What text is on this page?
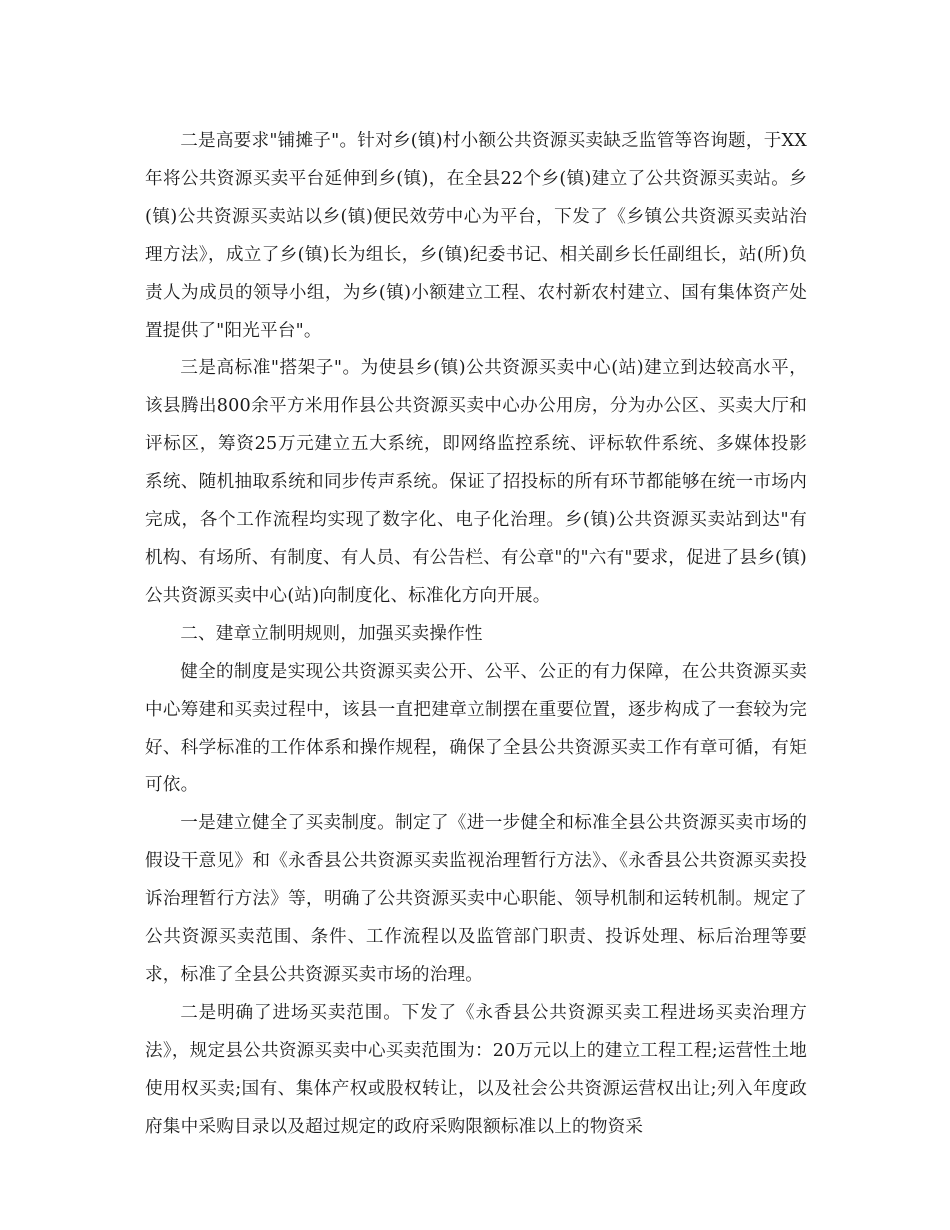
二是高要求"铺摊子"。针对乡(镇)村小额公共资源买卖缺乏监管等咨询题，于XX年将公共资源买卖平台延伸到乡(镇)，在全县22个乡(镇)建立了公共资源买卖站。乡(镇)公共资源买卖站以乡(镇)便民效劳中心为平台，下发了《乡镇公共资源买卖站治理方法》，成立了乡(镇)长为组长，乡(镇)纪委书记、相关副乡长任副组长，站(所)负责人为成员的领导小组，为乡(镇)小额建立工程、农村新农村建立、国有集体资产处置提供了"阳光平台"。

三是高标准"搭架子"。为使县乡(镇)公共资源买卖中心(站)建立到达较高水平，该县腾出800余平方米用作县公共资源买卖中心办公用房，分为办公区、买卖大厅和评标区，筹资25万元建立五大系统，即网络监控系统、评标软件系统、多媒体投影系统、随机抽取系统和同步传声系统。保证了招投标的所有环节都能够在统一市场内完成，各个工作流程均实现了数字化、电子化治理。乡(镇)公共资源买卖站到达"有机构、有场所、有制度、有人员、有公告栏、有公章"的"六有"要求，促进了县乡(镇)公共资源买卖中心(站)向制度化、标准化方向开展。

二、建章立制明规则，加强买卖操作性

健全的制度是实现公共资源买卖公开、公平、公正的有力保障，在公共资源买卖中心筹建和买卖过程中，该县一直把建章立制摆在重要位置，逐步构成了一套较为完好、科学标准的工作体系和操作规程，确保了全县公共资源买卖工作有章可循，有矩可依。

一是建立健全了买卖制度。制定了《进一步健全和标准全县公共资源买卖市场的假设干意见》和《永香县公共资源买卖监视治理暂行方法》、《永香县公共资源买卖投诉治理暂行方法》等，明确了公共资源买卖中心职能、领导机制和运转机制。规定了公共资源买卖范围、条件、工作流程以及监管部门职责、投诉处理、标后治理等要求，标准了全县公共资源买卖市场的治理。

二是明确了进场买卖范围。下发了《永香县公共资源买卖工程进场买卖治理方法》，规定县公共资源买卖中心买卖范围为：20万元以上的建立工程工程;运营性土地使用权买卖;国有、集体产权或股权转让，以及社会公共资源运营权出让;列入年度政府集中采购目录以及超过规定的政府采购限额标准以上的物资采
